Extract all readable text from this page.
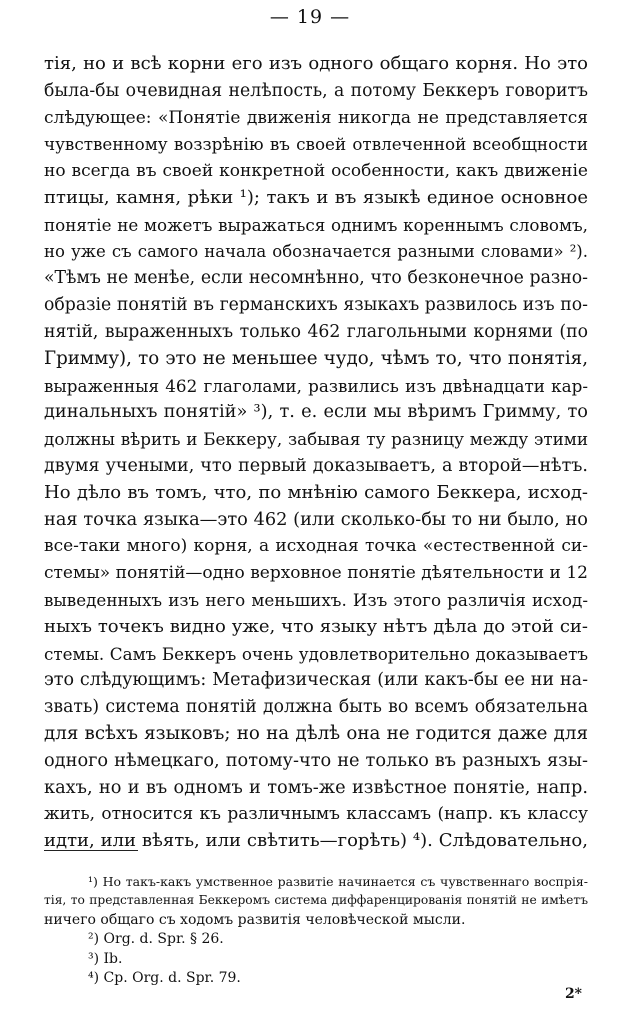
— 19 —
тія, но и всѣ корни его изъ одного общаго корня. Но это
была-бы очевидная нелѣпость, а потому Беккеръ говоритъ
слѣдующее: «Понятіе движенія никогда не представляется
чувственному воззрѣнію въ своей отвлеченной всеобщности
но всегда въ своей конкретной особенности, какъ движеніе
птицы, камня, рѣки ¹); такъ и въ языкѣ единое основное
понятіе не можетъ выражаться однимъ кореннымъ словомъ,
но уже съ самого начала обозначается разными словами» ²).
«Тѣмъ не менѣе, если несомнѣнно, что безконечное разно-
образіе понятій въ германскихъ языкахъ развилось изъ по-
нятій, выраженныхъ только 462 глагольными корнями (по
Гримму), то это не меньшее чудо, чѣмъ то, что понятія,
выраженныя 462 глаголами, развились изъ двѣнадцати кар-
динальныхъ понятій» ³), т. е. если мы вѣримъ Гримму, то
должны вѣрить и Беккеру, забывая ту разницу между этими
двумя учеными, что первый доказываетъ, а второй—нѣтъ.
Но дѣло въ томъ, что, по мнѣнію самого Беккера, исход-
ная точка языка—это 462 (или сколько-бы то ни было, но
все-таки много) корня, а исходная точка «естественной си-
стемы» понятій—одно верховное понятіе дѣятельности и 12
выведенныхъ изъ него меньшихъ. Изъ этого различія исход-
ныхъ точекъ видно уже, что языку нѣтъ дѣла до этой си-
стемы. Самъ Беккеръ очень удовлетворительно доказываетъ
это слѣдующимъ: Метафизическая (или какъ-бы ее ни на-
звать) система понятій должна быть во всемъ обязательна
для всѣхъ языковъ; но на дѣлѣ она не годится даже для
одного нѣмецкаго, потому-что не только въ разныхъ язы-
кахъ, но и въ одномъ и томъ-же извѣстное понятіе, напр.
жить, относится къ различнымъ классамъ (напр. къ классу
идти, или вѣять, или свѣтить—горѣть) ⁴). Слѣдовательно,
¹) Но такъ-какъ умственное развитіе начинается съ чувственнаго воспрія-
тія, то представленная Беккеромъ система диффаренцированія понятій не имѣетъ
ничего общаго съ ходомъ развитія человѣческой мысли.
²) Org. d. Spr. § 26.
³) Ib.
⁴) Cp. Org. d. Spr. 79.
2*
